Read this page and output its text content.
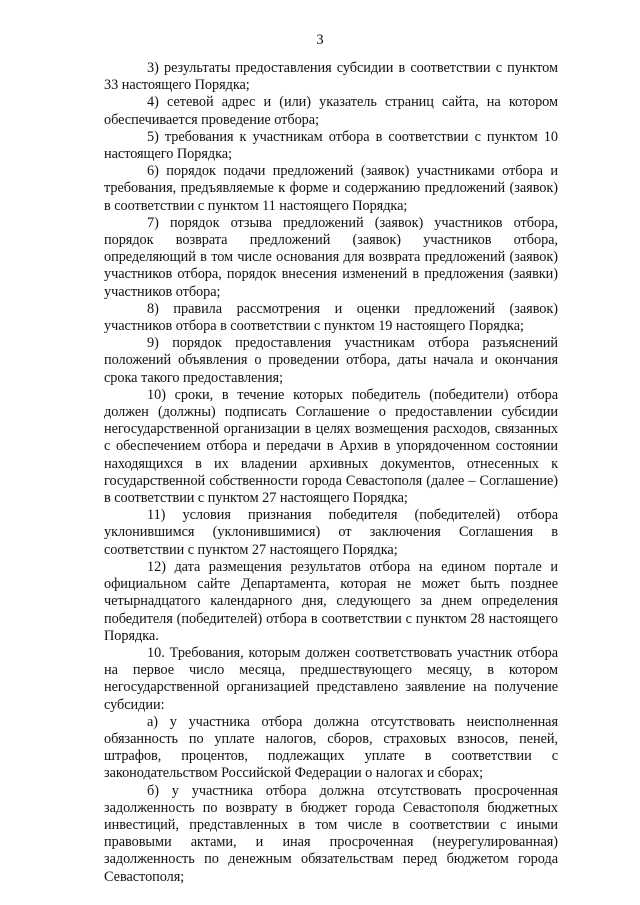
3

3) результаты предоставления субсидии в соответствии с пунктом 33 настоящего Порядка;

4) сетевой адрес и (или) указатель страниц сайта, на котором обеспечивается проведение отбора;

5) требования к участникам отбора в соответствии с пунктом 10 настоящего Порядка;

6) порядок подачи предложений (заявок) участниками отбора и требования, предъявляемые к форме и содержанию предложений (заявок) в соответствии с пунктом 11 настоящего Порядка;

7) порядок отзыва предложений (заявок) участников отбора, порядок возврата предложений (заявок) участников отбора, определяющий в том числе основания для возврата предложений (заявок) участников отбора, порядок внесения изменений в предложения (заявки) участников отбора;

8) правила рассмотрения и оценки предложений (заявок) участников отбора в соответствии с пунктом 19 настоящего Порядка;

9) порядок предоставления участникам отбора разъяснений положений объявления о проведении отбора, даты начала и окончания срока такого предоставления;

10) сроки, в течение которых победитель (победители) отбора должен (должны) подписать Соглашение о предоставлении субсидии негосударственной организации в целях возмещения расходов, связанных с обеспечением отбора и передачи в Архив в упорядоченном состоянии находящихся в их владении архивных документов, отнесенных к государственной собственности города Севастополя (далее – Соглашение) в соответствии с пунктом 27 настоящего Порядка;

11) условия признания победителя (победителей) отбора уклонившимся (уклонившимися) от заключения Соглашения в соответствии с пунктом 27 настоящего Порядка;

12) дата размещения результатов отбора на едином портале и официальном сайте Департамента, которая не может быть позднее четырнадцатого календарного дня, следующего за днем определения победителя (победителей) отбора в соответствии с пунктом 28 настоящего Порядка.

10. Требования, которым должен соответствовать участник отбора на первое число месяца, предшествующего месяцу, в котором негосударственной организацией представлено заявление на получение субсидии:

а) у участника отбора должна отсутствовать неисполненная обязанность по уплате налогов, сборов, страховых взносов, пеней, штрафов, процентов, подлежащих уплате в соответствии с законодательством Российской Федерации о налогах и сборах;

б) у участника отбора должна отсутствовать просроченная задолженность по возврату в бюджет города Севастополя бюджетных инвестиций, представленных в том числе в соответствии с иными правовыми актами, и иная просроченная (неурегулированная) задолженность по денежным обязательствам перед бюджетом города Севастополя;
